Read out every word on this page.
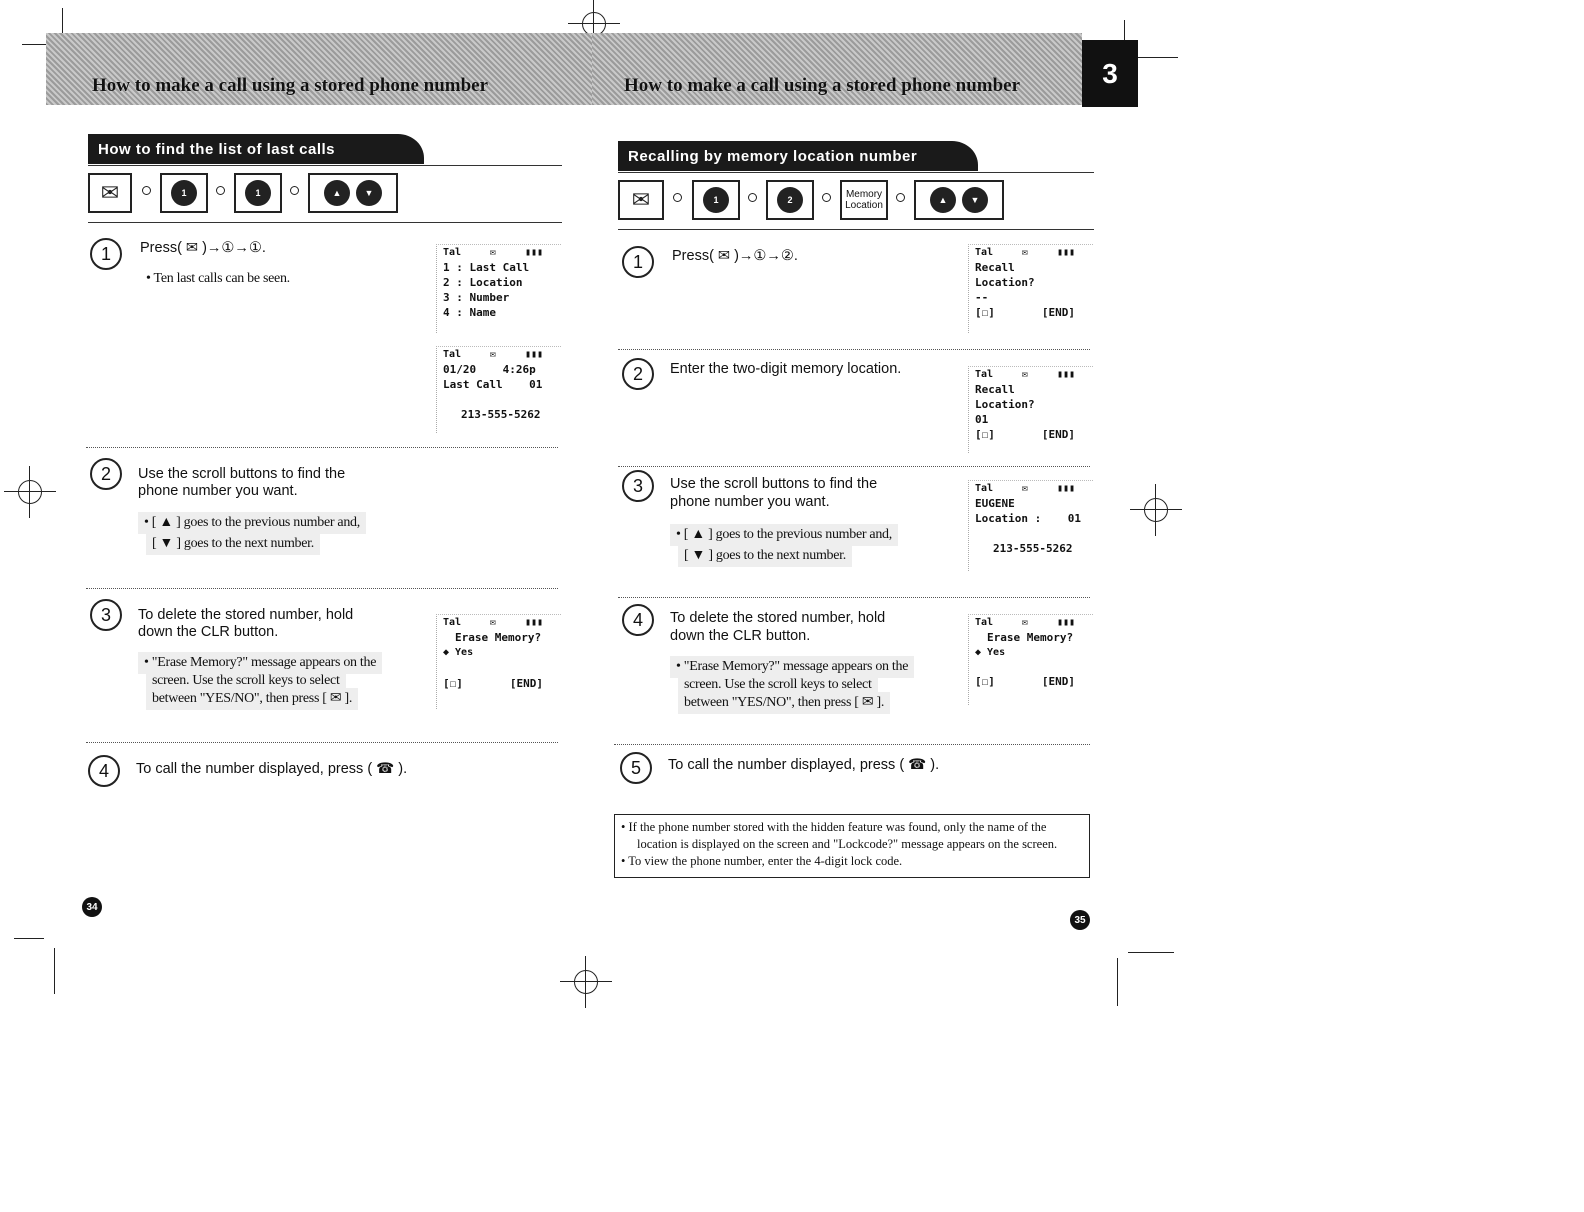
How to make a call using a stored phone number	How to make a call using a stored phone number	3
How to find the list of last calls
✉	1	1	▲	▼
1	Press( ✉ )→①→①.
• Ten last calls can be seen.
Tal	✉	▮▮▮
1 : Last Call
2 : Location
3 : Number
4 : Name
Tal	✉	▮▮▮
01/20    4:26p
Last Call    01
213-555-5262
2	Use the scroll buttons to find the
phone number you want.
• [ ▲ ] goes to the previous number and,
[ ▼ ] goes to the next number.
3	To delete the stored number, hold
down the CLR button.
• "Erase Memory?" message appears on the
screen. Use the scroll keys to select
between "YES/NO", then press [ ✉ ].
Tal	✉	▮▮▮
Erase Memory?
◆ Yes
[☐]	[END]
4	To call the number displayed, press ( ☎ ).
Recalling by memory location number
✉	1	2	Memory
Location	▲	▼
1	Press( ✉ )→①→②.	Tal	✉	▮▮▮
Recall
Location?
--
[☐]	[END]
2	Enter the two-digit memory location.	Tal	✉	▮▮▮
Recall
Location?
01
[☐]	[END]
3	Use the scroll buttons to find the
phone number you want.
• [ ▲ ] goes to the previous number and,
[ ▼ ] goes to the next number.
Tal	✉	▮▮▮
EUGENE
Location :    01
213-555-5262
4	To delete the stored number, hold
down the CLR button.
• "Erase Memory?" message appears on the
screen. Use the scroll keys to select
between "YES/NO", then press [ ✉ ].
Tal	✉	▮▮▮
Erase Memory?
◆ Yes
[☐]	[END]
5	To call the number displayed, press ( ☎ ).
• If the phone number stored with the hidden feature was found, only the name of the
location is displayed on the screen and "Lockcode?" message appears on the screen.
• To view the phone number, enter the 4-digit lock code.
34
35
